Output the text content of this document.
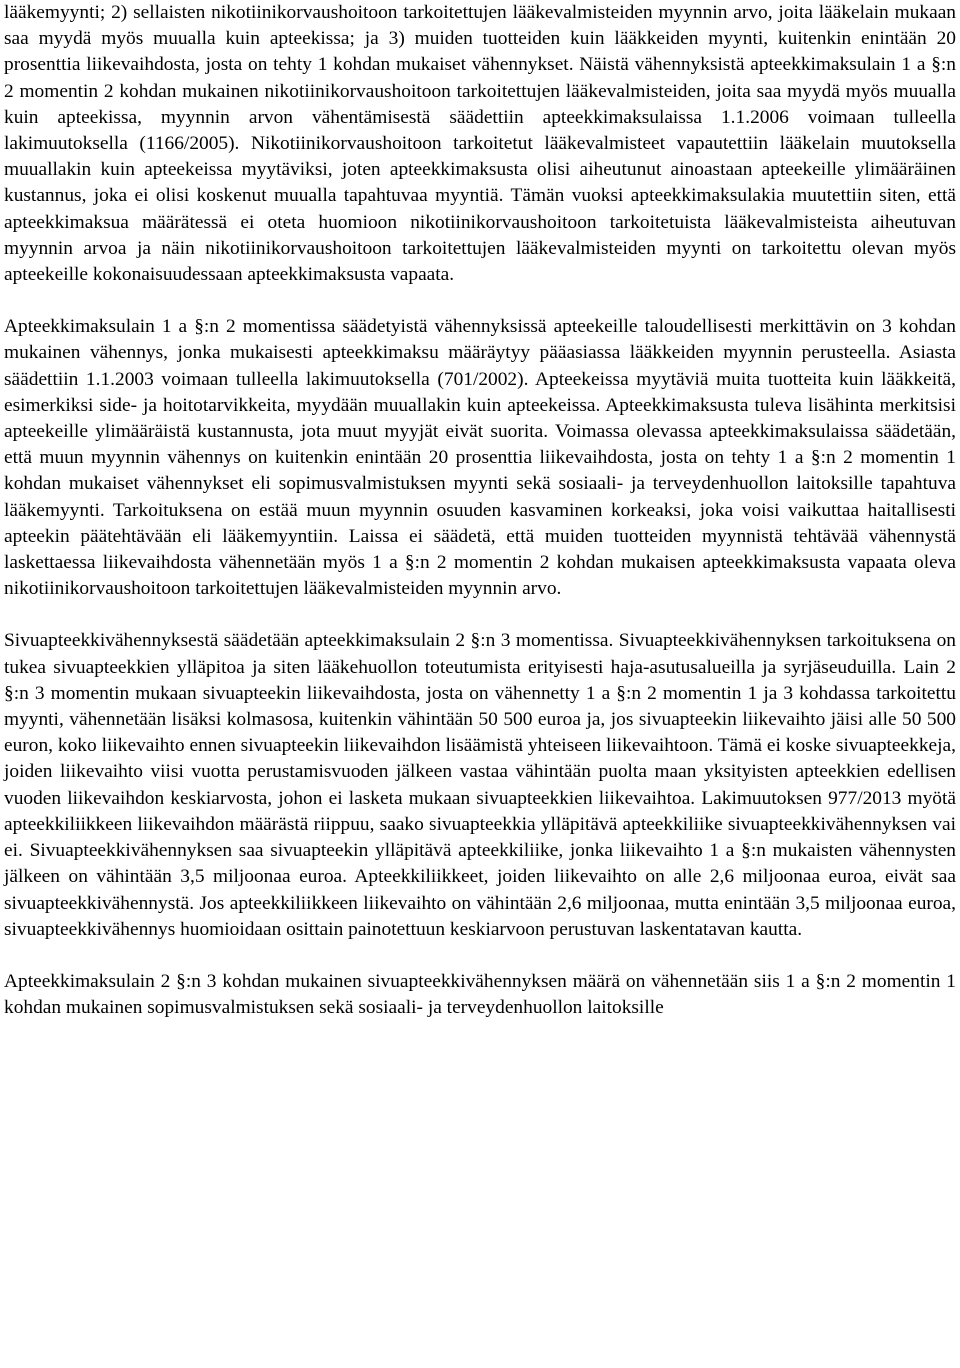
lääkemyynti; 2) sellaisten nikotiinikorvaushoitoon tarkoitettujen lääkevalmisteiden myynnin arvo, joita lääkelain mukaan saa myydä myös muualla kuin apteekissa; ja 3) muiden tuotteiden kuin lääkkeiden myynti, kuitenkin enintään 20 prosenttia liikevaihdosta, josta on tehty 1 kohdan mukaiset vähennykset. Näistä vähennyksistä apteekkimaksulain 1 a §:n 2 momentin 2 kohdan mukainen nikotiinikorvaushoitoon tarkoitettujen lääkevalmisteiden, joita saa myydä myös muualla kuin apteekissa, myynnin arvon vähentämisestä säädettiin apteekkimaksulaissa 1.1.2006 voimaan tulleella lakimuutoksella (1166/2005). Nikotiinikorvaushoitoon tarkoitetut lääkevalmisteet vapautettiin lääkelain muutoksella muuallakin kuin apteekeissa myytäviksi, joten apteekkimaksusta olisi aiheutunut ainoastaan apteekeille ylimääräinen kustannus, joka ei olisi koskenut muualla tapahtuvaa myyntiä. Tämän vuoksi apteekkimaksulakia muutettiin siten, että apteekkimaksua määrätessä ei oteta huomioon nikotiinikorvaushoitoon tarkoitetuista lääkevalmisteista aiheutuvan myynnin arvoa ja näin nikotiinikorvaushoitoon tarkoitettujen lääkevalmisteiden myynti on tarkoitettu olevan myös apteekeille kokonaisuudessaan apteekkimaksusta vapaata.

Apteekkimaksulain 1 a §:n 2 momentissa säädetyistä vähennyksissä apteekeille taloudellisesti merkittävin on 3 kohdan mukainen vähennys, jonka mukaisesti apteekkimaksu määräytyy pääasiassa lääkkeiden myynnin perusteella. Asiasta säädettiin 1.1.2003 voimaan tulleella lakimuutoksella (701/2002). Apteekeissa myytäviä muita tuotteita kuin lääkkeitä, esimerkiksi side- ja hoitotarvikkeita, myydään muuallakin kuin apteekeissa. Apteekkimaksusta tuleva lisähinta merkitsisi apteekeille ylimääräistä kustannusta, jota muut myyjät eivät suorita. Voimassa olevassa apteekkimaksulaissa säädetään, että muun myynnin vähennys on kuitenkin enintään 20 prosenttia liikevaihdosta, josta on tehty 1 a §:n 2 momentin 1 kohdan mukaiset vähennykset eli sopimusvalmistuksen myynti sekä sosiaali- ja terveydenhuollon laitoksille tapahtuva lääkemyynti. Tarkoituksena on estää muun myynnin osuuden kasvaminen korkeaksi, joka voisi vaikuttaa haitallisesti apteekin päätehtävään eli lääkemyyntiin. Laissa ei säädetä, että muiden tuotteiden myynnistä tehtävää vähennystä laskettaessa liikevaihdosta vähennetään myös 1 a §:n 2 momentin 2 kohdan mukaisen apteekkimaksusta vapaata oleva nikotiinikorvaushoitoon tarkoitettujen lääkevalmisteiden myynnin arvo.

Sivuapteekkivähennyksestä säädetään apteekkimaksulain 2 §:n 3 momentissa. Sivuapteekkivähennyksen tarkoituksena on tukea sivuapteekkien ylläpitoa ja siten lääkehuollon toteutumista erityisesti haja-asutusalueilla ja syrjäseuduilla. Lain 2 §:n 3 momentin mukaan sivuapteekin liikevaihdosta, josta on vähennetty 1 a §:n 2 momentin 1 ja 3 kohdassa tarkoitettu myynti, vähennetään lisäksi kolmasosa, kuitenkin vähintään 50 500 euroa ja, jos sivuapteekin liikevaihto jäisi alle 50 500 euron, koko liikevaihto ennen sivuapteekin liikevaihdon lisäämistä yhteiseen liikevaihtoon. Tämä ei koske sivuapteekkeja, joiden liikevaihto viisi vuotta perustamisvuoden jälkeen vastaa vähintään puolta maan yksityisten apteekkien edellisen vuoden liikevaihdon keskiarvosta, johon ei lasketa mukaan sivuapteekkien liikevaihtoa. Lakimuutoksen 977/2013 myötä apteekkiliikkeen liikevaihdon määrästä riippuu, saako sivuapteekkia ylläpitävä apteekkiliike sivuapteekkivähennyksen vai ei. Sivuapteekkivähennyksen saa sivuapteekin ylläpitävä apteekkiliike, jonka liikevaihto 1 a §:n mukaisten vähennysten jälkeen on vähintään 3,5 miljoonaa euroa. Apteekkiliikkeet, joiden liikevaihto on alle 2,6 miljoonaa euroa, eivät saa sivuapteekkivähennystä. Jos apteekkiliikkeen liikevaihto on vähintään 2,6 miljoonaa, mutta enintään 3,5 miljoonaa euroa, sivuapteekkivähennys huomioidaan osittain painotettuun keskiarvoon perustuvan laskentatavan kautta.

Apteekkimaksulain 2 §:n 3 kohdan mukainen sivuapteekkivähennyksen määrä on vähennetään siis 1 a §:n 2 momentin 1 kohdan mukainen sopimusvalmistuksen sekä sosiaali- ja terveydenhuollon laitoksille
